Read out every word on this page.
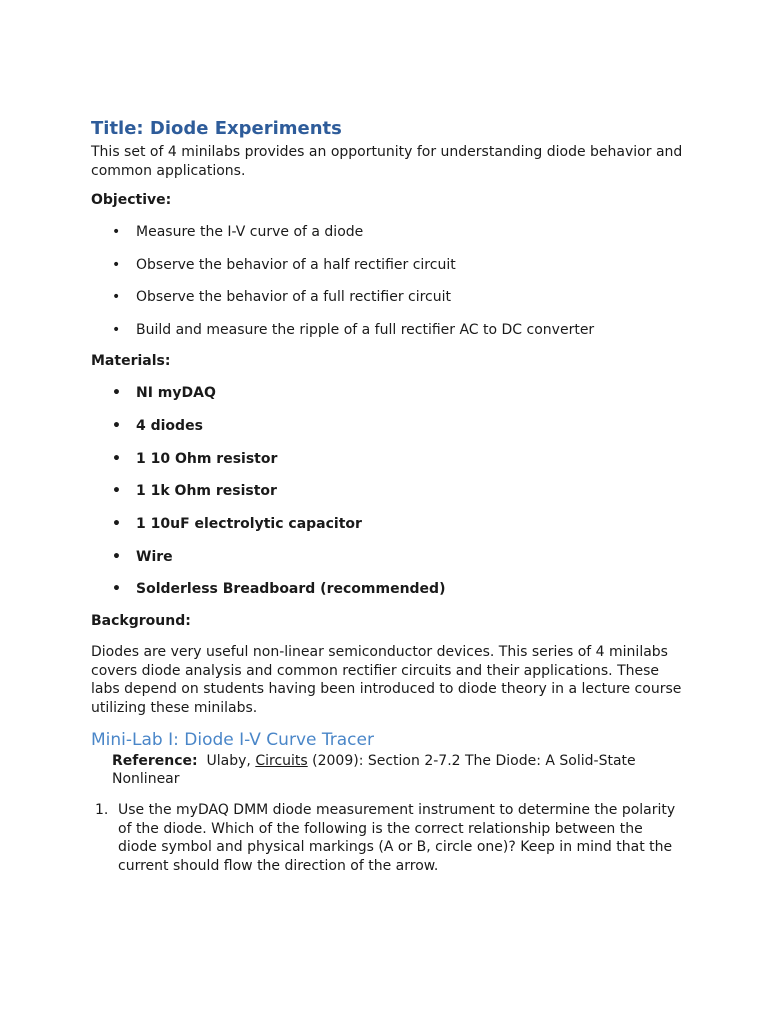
Title: Diode Experiments
This set of 4 minilabs provides an opportunity for understanding diode behavior and
common applications.
Objective:
• Measure the I-V curve of a diode
• Observe the behavior of a half rectifier circuit
• Observe the behavior of a full rectifier circuit
• Build and measure the ripple of a full rectifier AC to DC converter
Materials:
• NI myDAQ
• 4 diodes
• 1 10 Ohm resistor
• 1 1k Ohm resistor
• 1 10uF electrolytic capacitor
• Wire
• Solderless Breadboard (recommended)
Background:
Diodes are very useful non-linear semiconductor devices. This series of 4 minilabs
covers diode analysis and common rectifier circuits and their applications. These
labs depend on students having been introduced to diode theory in a lecture course
utilizing these minilabs.
Mini-Lab I: Diode I-V Curve Tracer
Reference: Ulaby, Circuits (2009): Section 2-7.2 The Diode: A Solid-State Nonlinear
1. Use the myDAQ DMM diode measurement instrument to determine the polarity
of the diode. Which of the following is the correct relationship between the
diode symbol and physical markings (A or B, circle one)? Keep in mind that the
current should flow the direction of the arrow.
